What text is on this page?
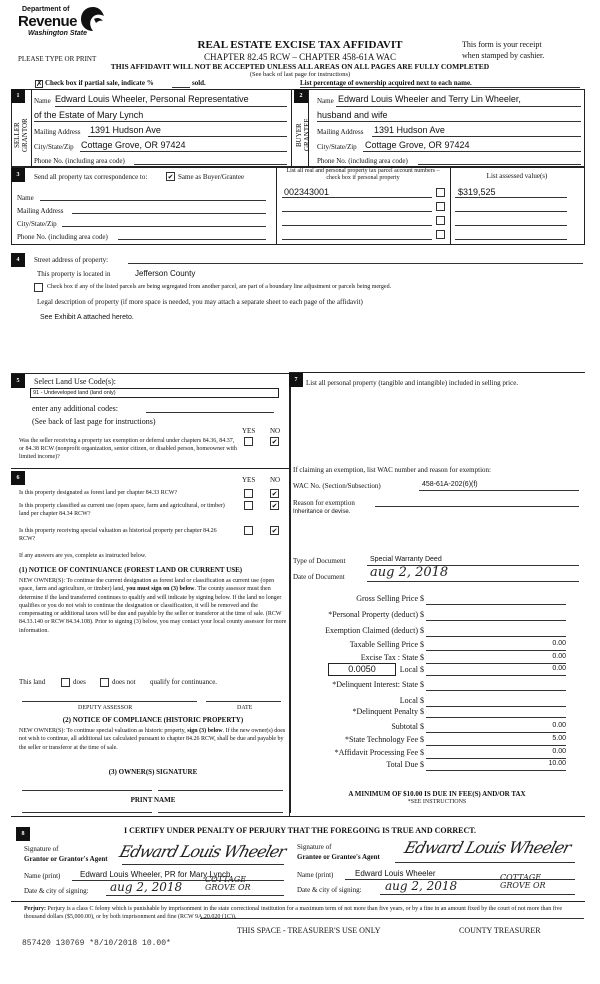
Department of
Revenue
Washington State
PLEASE TYPE OR PRINT
REAL ESTATE EXCISE TAX AFFIDAVIT
CHAPTER 82.45 RCW – CHAPTER 458-61A WAC
This form is your receipt
when stamped by cashier.
THIS AFFIDAVIT WILL NOT BE ACCEPTED UNLESS ALL AREAS ON ALL PAGES ARE FULLY COMPLETED
(See back of last page for instructions)
✗ Check box if partial sale, indicate %	sold.	List percentage of ownership acquired next to each name.
1
SELLER
GRANTOR
Name Edward Louis Wheeler, Personal Representative
of the Estate of Mary Lynch
Mailing Address 1391 Hudson Ave
City/State/Zip Cottage Grove, OR 97424
Phone No. (including area code)
2
BUYER
GRANTEE
Name Edward Louis Wheeler and Terry Lin Wheeler,
husband and wife
Mailing Address 1391 Hudson Ave
City/State/Zip Cottage Grove, OR 97424
Phone No. (including area code)
3	Send all property tax correspondence to:	✔ Same as Buyer/Grantee
Name
Mailing Address
City/State/Zip
Phone No. (including area code)
List all real and personal property tax parcel account numbers – check box if personal property	List assessed value(s)
002343001	$319,525
4	Street address of property:
This property is located in	Jefferson County
Check box if any of the listed parcels are being segregated from another parcel, are part of a boundary line adjustment or parcels being merged.
Legal description of property (if more space is needed, you may attach a separate sheet to each page of the affidavit)
See Exhibit A attached hereto.
5	Select Land Use Code(s):
91 - Undeveloped land (land only)
enter any additional codes:
(See back of last page for instructions)
YES NO
Was the seller receiving a property tax exemption or deferral under chapters 84.36, 84.37, or 84.38 RCW (nonprofit organization, senior citizen, or disabled person, homeowner with limited income)?
✔
6	YES NO
Is this property designated as forest land per chapter 84.33 RCW?	✔
Is this property classified as current use (open space, farm and agricultural, or timber) land per chapter 84.34 RCW?
✔
Is this property receiving special valuation as historical property per chapter 84.26 RCW?
✔
If any answers are yes, complete as instructed below.
(1) NOTICE OF CONTINUANCE (FOREST LAND OR CURRENT USE)
NEW OWNER(S): To continue the current designation as forest land or classification as current use (open space, farm and agriculture, or timber) land, you must sign on (3) below. The county assessor must then determine if the land transferred continues to qualify and will indicate by signing below. If the land no longer qualifies or you do not wish to continue the designation or classification, it will be removed and the compensating or additional taxes will be due and payable by the seller or transferor at the time of sale. (RCW 84.33.140 or RCW 84.34.108). Prior to signing (3) below, you may contact your local county assessor for more information.
This land	does	does not qualify for continuance.
DEPUTY ASSESSOR	DATE
(2) NOTICE OF COMPLIANCE (HISTORIC PROPERTY)
NEW OWNER(S): To continue special valuation as historic property, sign (3) below. If the new owner(s) does not wish to continue, all additional tax calculated pursuant to chapter 84.26 RCW, shall be due and payable by the seller or transferor at the time of sale.
(3) OWNER(S) SIGNATURE
PRINT NAME
7	List all personal property (tangible and intangible) included in selling price.
If claiming an exemption, list WAC number and reason for exemption:
WAC No. (Section/Subsection)	458-61A-202(6)(f)
Reason for exemption
Inheritance or devise.
Type of Document	Special Warranty Deed
Date of Document aug 2, 2018
Gross Selling Price $
*Personal Property (deduct) $
Exemption Claimed (deduct) $
Taxable Selling Price $	0.00
Excise Tax : State $	0.00
0.0050	Local $	0.00
*Delinquent Interest: State $
Local $
*Delinquent Penalty $
Subtotal $	0.00
*State Technology Fee $	5.00
*Affidavit Processing Fee $	0.00
Total Due $	10.00
A MINIMUM OF $10.00 IS DUE IN FEE(S) AND/OR TAX
*SEE INSTRUCTIONS
8	I CERTIFY UNDER PENALTY OF PERJURY THAT THE FOREGOING IS TRUE AND CORRECT.
Signature of
Grantor or Grantor's Agent Edward Louis Wheeler
Name (print) Edward Louis Wheeler, PR for Mary Lynch
Date & city of signing: aug 2, 2018
COTTAGE GROVE OR
Signature of
Grantee or Grantee's Agent Edward Louis Wheeler
Name (print)	Edward Louis Wheeler
Date & city of signing: aug 2, 2018
COTTAGE GROVE OR
Perjury: Perjury is a class C felony which is punishable by imprisonment in the state correctional institution for a maximum term of not more than five years, or by a fine in an amount fixed by the court of not more than five thousand dollars ($5,000.00), or by both imprisonment and fine (RCW 9A.20.020 (1C)).
THIS SPACE - TREASURER'S USE ONLY	COUNTY TREASURER
857420 130769 *8/10/2018 10.00*
